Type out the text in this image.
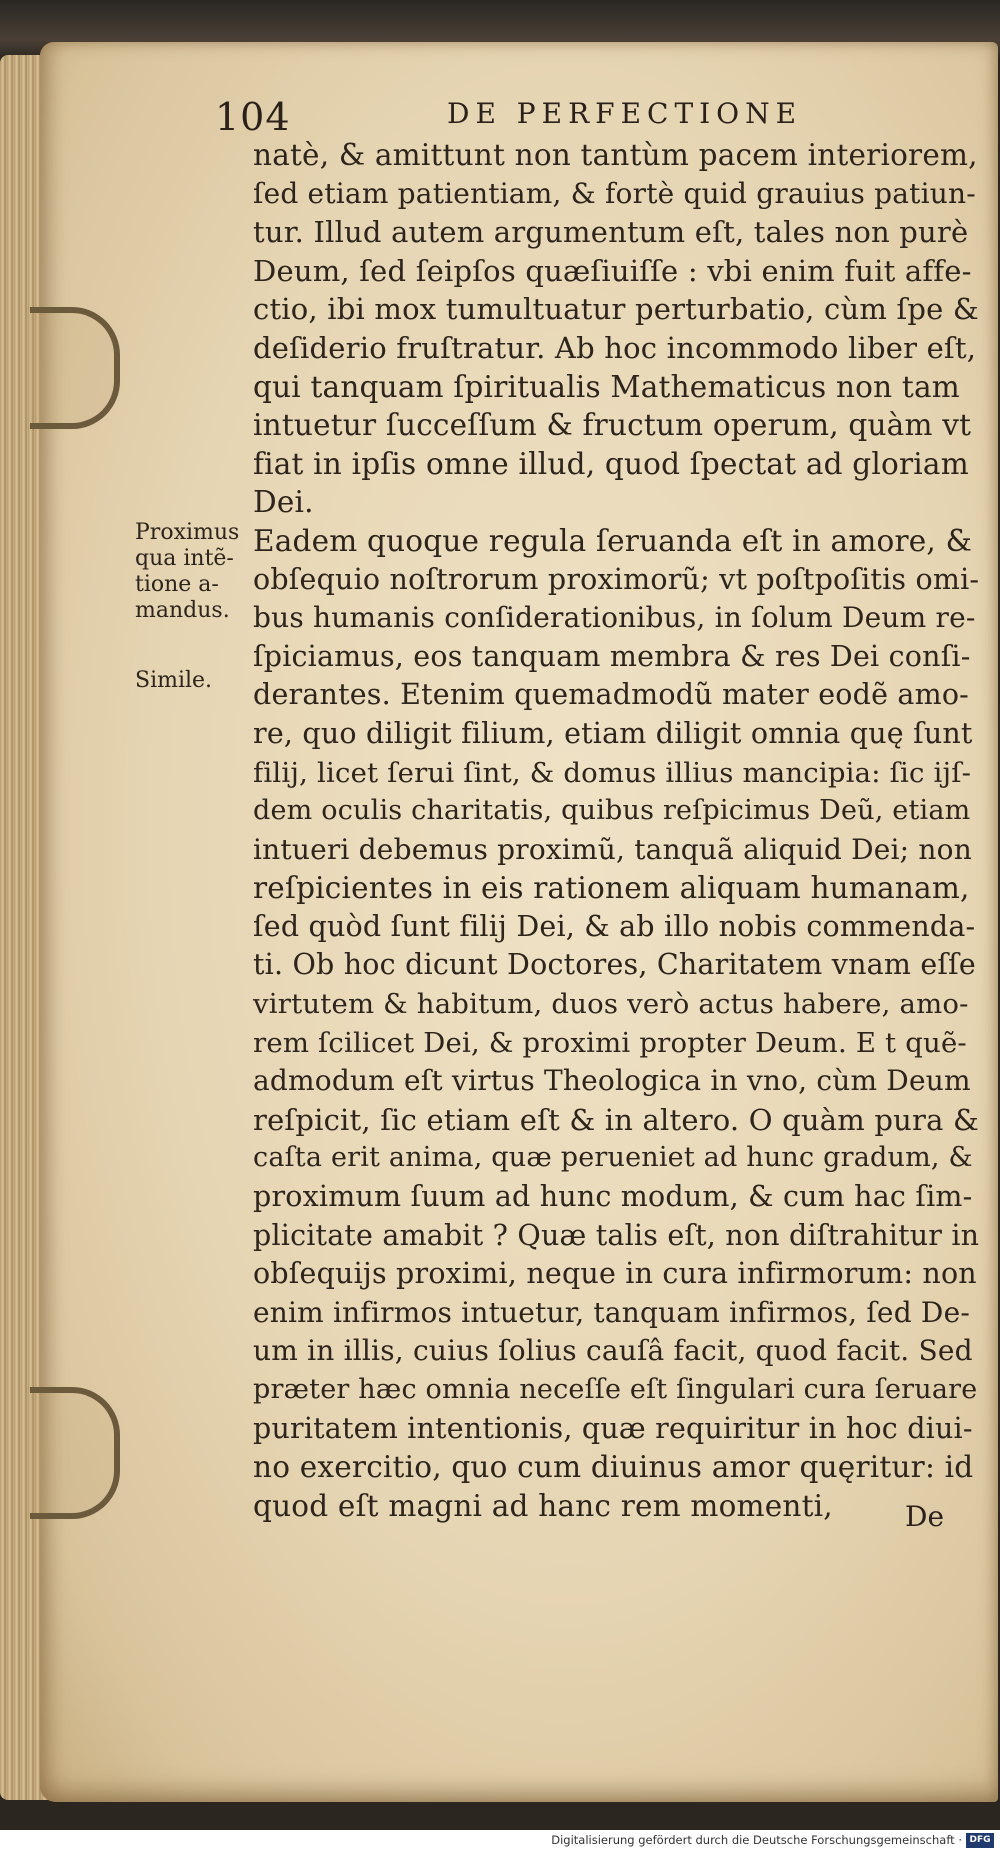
104	DE PERFECTIONE
natè, & amittunt non tantùm pacem interiorem,
ſed etiam patientiam, & fortè quid grauius patiun-
tur. Illud autem argumentum eſt, tales non purè
Deum, ſed ſeipſos quæſiuiſſe : vbi enim fuit affe-
ctio, ibi mox tumultuatur perturbatio, cùm ſpe &
deſiderio fruſtratur. Ab hoc incommodo liber eſt,
qui tanquam ſpiritualis Mathematicus non tam
intuetur ſucceſſum & fructum operum, quàm vt
fiat in ipſis omne illud, quod ſpectat ad gloriam
Dei.
Eadem quoque regula ſeruanda eſt in amore, &
obſequio noſtrorum proximorũ; vt poſtpoſitis omi-
bus humanis conſiderationibus, in ſolum Deum re-
ſpiciamus, eos tanquam membra & res Dei conſi-
derantes. Etenim quemadmodũ mater eodẽ amo-
re, quo diligit filium, etiam diligit omnia quę ſunt
filij, licet ſerui ſint, & domus illius mancipia: ſic ijſ-
dem oculis charitatis, quibus reſpicimus Deũ, etiam
intueri debemus proximũ, tanquã aliquid Dei; non
reſpicientes in eis rationem aliquam humanam,
ſed quòd ſunt filij Dei, & ab illo nobis commenda-
ti. Ob hoc dicunt Doctores, Charitatem vnam eſſe
virtutem & habitum, duos verò actus habere, amo-
rem ſcilicet Dei, & proximi propter Deum. E t quẽ-
admodum eſt virtus Theologica in vno, cùm Deum
reſpicit, ſic etiam eſt & in altero. O quàm pura &
caſta erit anima, quæ perueniet ad hunc gradum, &
proximum ſuum ad hunc modum, & cum hac ſim-
plicitate amabit ? Quæ talis eſt, non diſtrahitur in
obſequijs proximi, neque in cura infirmorum: non
enim infirmos intuetur, tanquam infirmos, ſed De-
um in illis, cuius ſolius cauſâ facit, quod facit. Sed
præter hæc omnia neceſſe eſt ſingulari cura ſeruare
puritatem intentionis, quæ requiritur in hoc diui-
no exercitio, quo cum diuinus amor quęritur: id
quod eſt magni ad hanc rem momenti,
Proximus
qua intẽ-
tione a-
mandus.
Simile.
De
Digitalisierung gefördert durch die Deutsche Forschungsgemeinschaft · DFG
